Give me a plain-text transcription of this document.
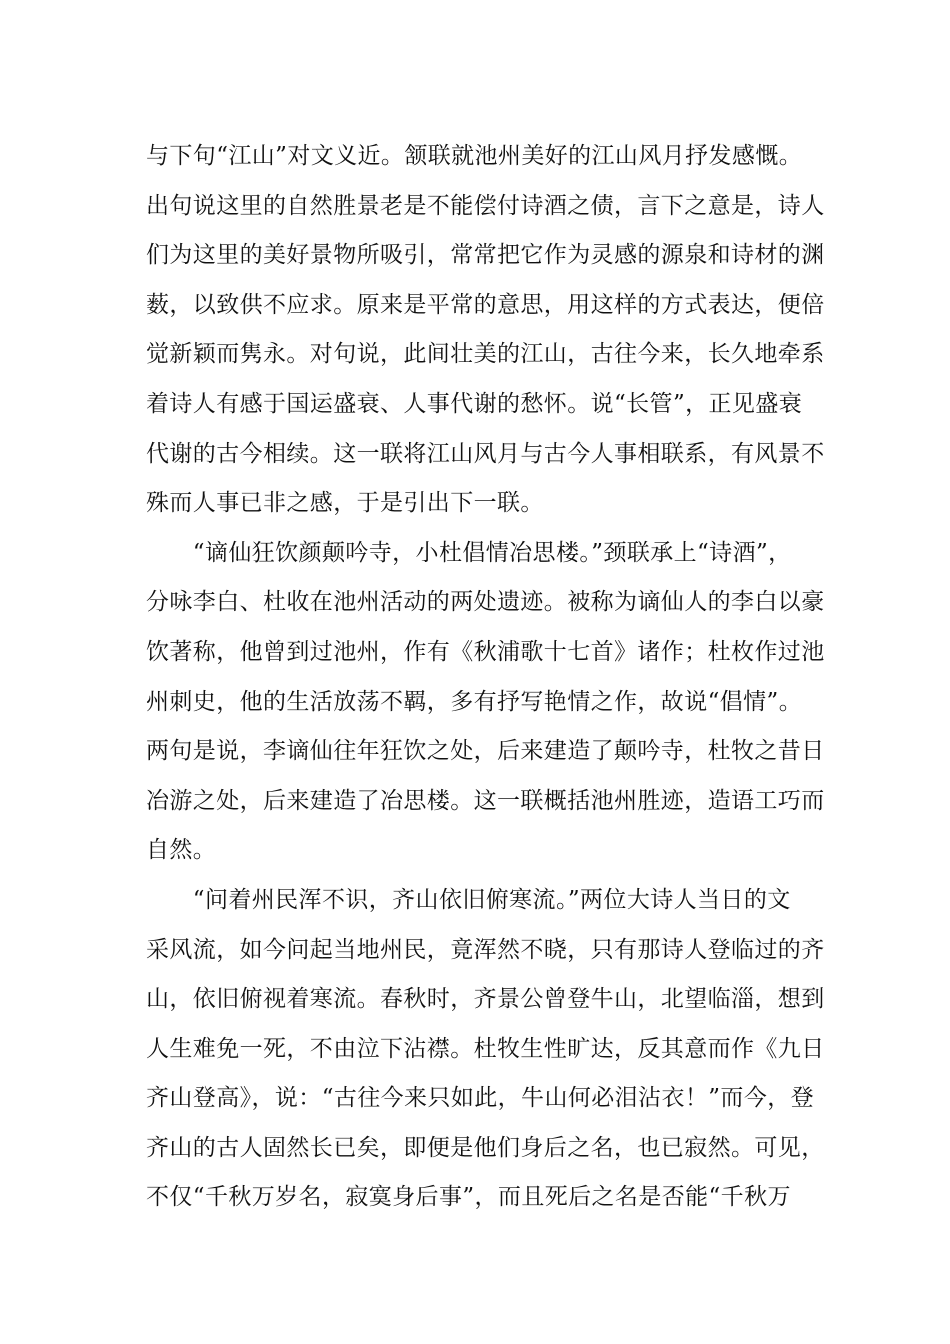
与下句“江山”对文义近。颔联就池州美好的江山风月抒发感慨。
出句说这里的自然胜景老是不能偿付诗酒之债，言下之意是，诗人
们为这里的美好景物所吸引，常常把它作为灵感的源泉和诗材的渊
薮，以致供不应求。原来是平常的意思，用这样的方式表达，便倍
觉新颖而隽永。对句说，此间壮美的江山，古往今来，长久地牵系
着诗人有感于国运盛衰、人事代谢的愁怀。说“长管”，正见盛衰
代谢的古今相续。这一联将江山风月与古今人事相联系，有风景不
殊而人事已非之感，于是引出下一联。

　　“谪仙狂饮颜颠吟寺，小杜倡情冶思楼。”颈联承上“诗酒”，
分咏李白、杜收在池州活动的两处遗迹。被称为谪仙人的李白以豪
饮著称，他曾到过池州，作有《秋浦歌十七首》诸作；杜枚作过池
州刺史，他的生活放荡不羁，多有抒写艳情之作，故说“倡情”。
两句是说，李谪仙往年狂饮之处，后来建造了颠吟寺，杜牧之昔日
冶游之处，后来建造了冶思楼。这一联概括池州胜迹，造语工巧而
自然。

　　“问着州民浑不识，齐山依旧俯寒流。”两位大诗人当日的文
采风流，如今问起当地州民，竟浑然不晓，只有那诗人登临过的齐
山，依旧俯视着寒流。春秋时，齐景公曾登牛山，北望临淄，想到
人生难免一死，不由泣下沾襟。杜牧生性旷达，反其意而作《九日
齐山登高》，说：“古往今来只如此，牛山何必泪沾衣！”而今，登
齐山的古人固然长已矣，即便是他们身后之名，也已寂然。可见，
不仅“千秋万岁名，寂寞身后事”，而且死后之名是否能“千秋万
